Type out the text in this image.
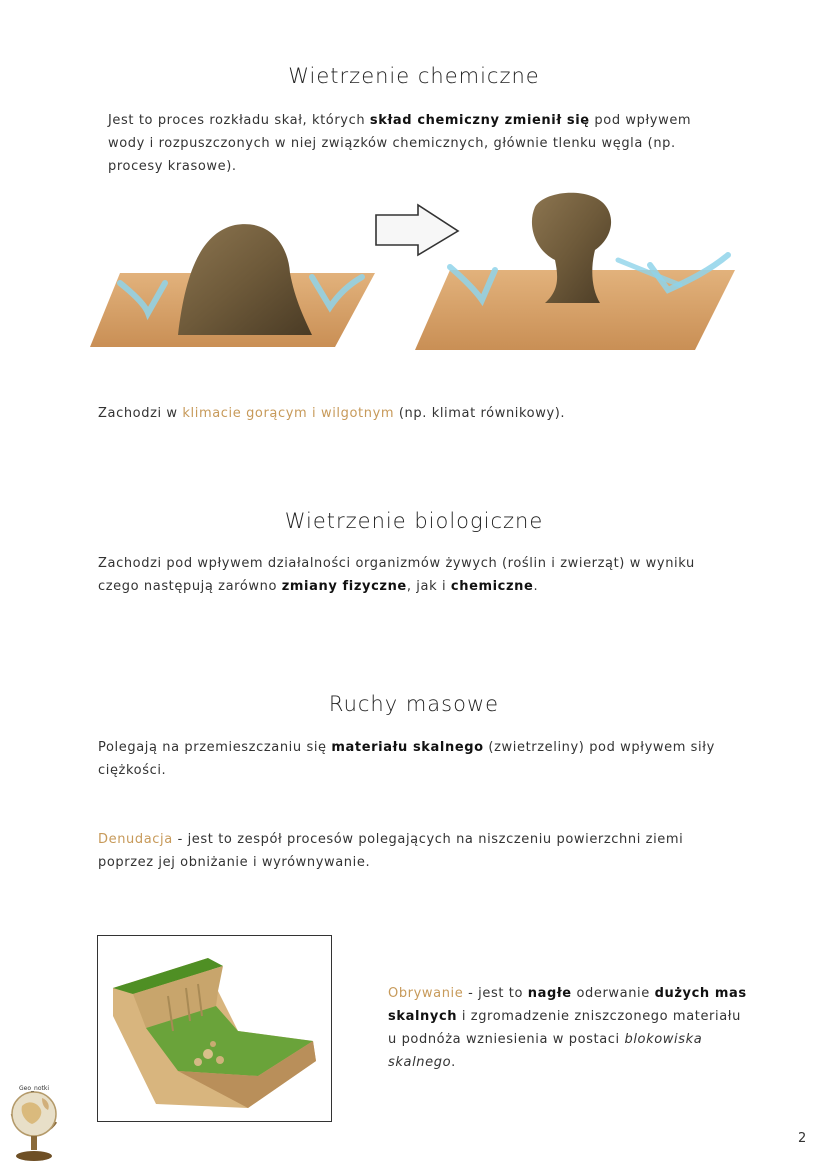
Wietrzenie chemiczne
Jest to proces rozkładu skał, których skład chemiczny zmienił się pod wpływem wody i rozpuszczonych w niej związków chemicznych, głównie tlenku węgla (np. procesy krasowe).
Zachodzi w klimacie gorącym i wilgotnym (np. klimat równikowy).
Wietrzenie biologiczne
Zachodzi pod wpływem działalności organizmów żywych (roślin i zwierząt) w wyniku czego następują zarówno zmiany fizyczne, jak i chemiczne.
Ruchy masowe
Polegają na przemieszczaniu się materiału skalnego (zwietrzeliny) pod wpływem siły ciężkości.
Denudacja - jest to zespół procesów polegających na niszczeniu powierzchni ziemi poprzez jej obniżanie i wyrównywanie.
Obrywanie - jest to nagłe oderwanie dużych mas skalnych i zgromadzenie zniszczonego materiału u podnóża wzniesienia w postaci blokowiska skalnego.
Geo_notki
2
